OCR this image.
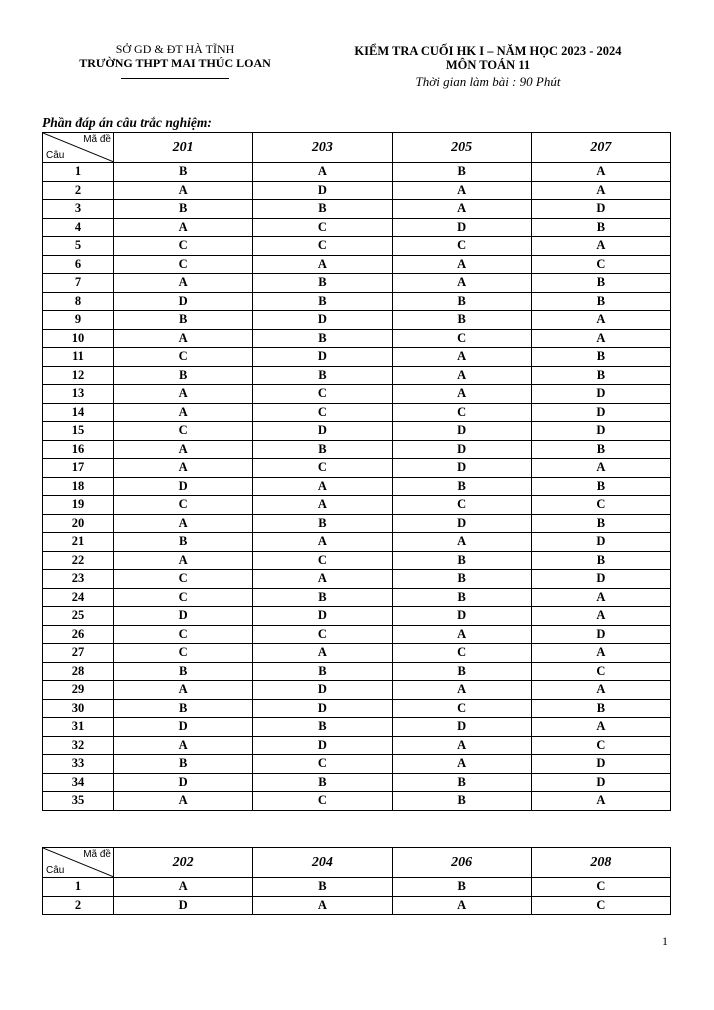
SỞ GD & ĐT HÀ TĨNH
TRƯỜNG THPT MAI THÚC LOAN
KIỂM TRA CUỐI HK I – NĂM HỌC 2023 - 2024
MÔN TOÁN 11
Thời gian làm bài : 90 Phút
Phần đáp án câu trắc nghiệm:
Mã đề
Câu	201	203	205	207
1	B	A	B	A
2	A	D	A	A
3	B	B	A	D
4	A	C	D	B
5	C	C	C	A
6	C	A	A	C
7	A	B	A	B
8	D	B	B	B
9	B	D	B	A
10	A	B	C	A
11	C	D	A	B
12	B	B	A	B
13	A	C	A	D
14	A	C	C	D
15	C	D	D	D
16	A	B	D	B
17	A	C	D	A
18	D	A	B	B
19	C	A	C	C
20	A	B	D	B
21	B	A	A	D
22	A	C	B	B
23	C	A	B	D
24	C	B	B	A
25	D	D	D	A
26	C	C	A	D
27	C	A	C	A
28	B	B	B	C
29	A	D	A	A
30	B	D	C	B
31	D	B	D	A
32	A	D	A	C
33	B	C	A	D
34	D	B	B	D
35	A	C	B	A
Mã đề
Câu	202	204	206	208
1	A	B	B	C
2	D	A	A	C
1
